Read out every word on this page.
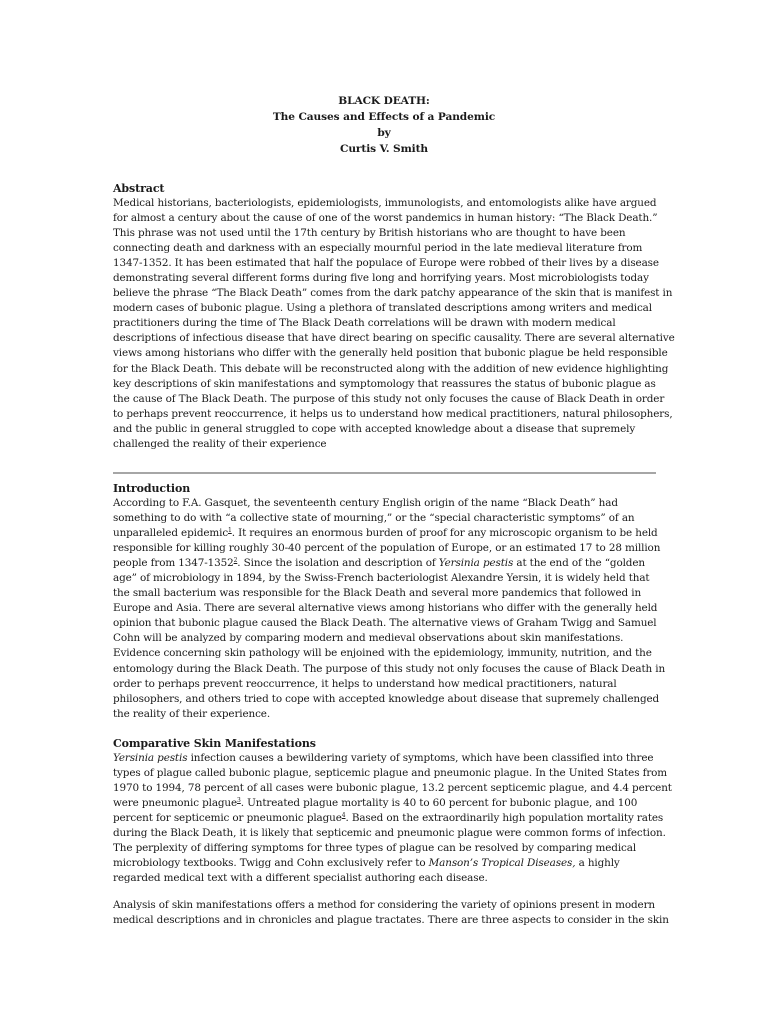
BLACK DEATH:
The Causes and Effects of a Pandemic
by
Curtis V. Smith
Abstract
Medical historians, bacteriologists, epidemiologists, immunologists, and entomologists alike have argued
for almost a century about the cause of one of the worst pandemics in human history: “The Black Death.”
This phrase was not used until the 17th century by British historians who are thought to have been
connecting death and darkness with an especially mournful period in the late medieval literature from
1347-1352. It has been estimated that half the populace of Europe were robbed of their lives by a disease
demonstrating several different forms during five long and horrifying years. Most microbiologists today
believe the phrase “The Black Death” comes from the dark patchy appearance of the skin that is manifest in
modern cases of bubonic plague. Using a plethora of translated descriptions among writers and medical
practitioners during the time of The Black Death correlations will be drawn with modern medical
descriptions of infectious disease that have direct bearing on specific causality. There are several alternative
views among historians who differ with the generally held position that bubonic plague be held responsible
for the Black Death. This debate will be reconstructed along with the addition of new evidence highlighting
key descriptions of skin manifestations and symptomology that reassures the status of bubonic plague as
the cause of The Black Death. The purpose of this study not only focuses the cause of Black Death in order
to perhaps prevent reoccurrence, it helps us to understand how medical practitioners, natural philosophers,
and the public in general struggled to cope with accepted knowledge about a disease that supremely
challenged the reality of their experience
Introduction
According to F.A. Gasquet, the seventeenth century English origin of the name “Black Death” had
something to do with “a collective state of mourning,” or the “special characteristic symptoms” of an
unparalleled epidemic$^1$. It requires an enormous burden of proof for any microscopic organism to be held
responsible for killing roughly 30-40 percent of the population of Europe, or an estimated 17 to 28 million
people from 1347-1352$^2$. Since the isolation and description of Yersinia pestis at the end of the “golden
age” of microbiology in 1894, by the Swiss-French bacteriologist Alexandre Yersin, it is widely held that
the small bacterium was responsible for the Black Death and several more pandemics that followed in
Europe and Asia. There are several alternative views among historians who differ with the generally held
opinion that bubonic plague caused the Black Death. The alternative views of Graham Twigg and Samuel
Cohn will be analyzed by comparing modern and medieval observations about skin manifestations.
Evidence concerning skin pathology will be enjoined with the epidemiology, immunity, nutrition, and the
entomology during the Black Death. The purpose of this study not only focuses the cause of Black Death in
order to perhaps prevent reoccurrence, it helps to understand how medical practitioners, natural
philosophers, and others tried to cope with accepted knowledge about disease that supremely challenged
the reality of their experience.
Comparative Skin Manifestations
Yersinia pestis infection causes a bewildering variety of symptoms, which have been classified into three
types of plague called bubonic plague, septicemic plague and pneumonic plague. In the United States from
1970 to 1994, 78 percent of all cases were bubonic plague, 13.2 percent septicemic plague, and 4.4 percent
were pneumonic plague$^3$. Untreated plague mortality is 40 to 60 percent for bubonic plague, and 100
percent for septicemic or pneumonic plague$^4$. Based on the extraordinarily high population mortality rates
during the Black Death, it is likely that septicemic and pneumonic plague were common forms of infection.
The perplexity of differing symptoms for three types of plague can be resolved by comparing medical
microbiology textbooks. Twigg and Cohn exclusively refer to Manson’s Tropical Diseases, a highly
regarded medical text with a different specialist authoring each disease.
Analysis of skin manifestations offers a method for considering the variety of opinions present in modern
medical descriptions and in chronicles and plague tractates. There are three aspects to consider in the skin
